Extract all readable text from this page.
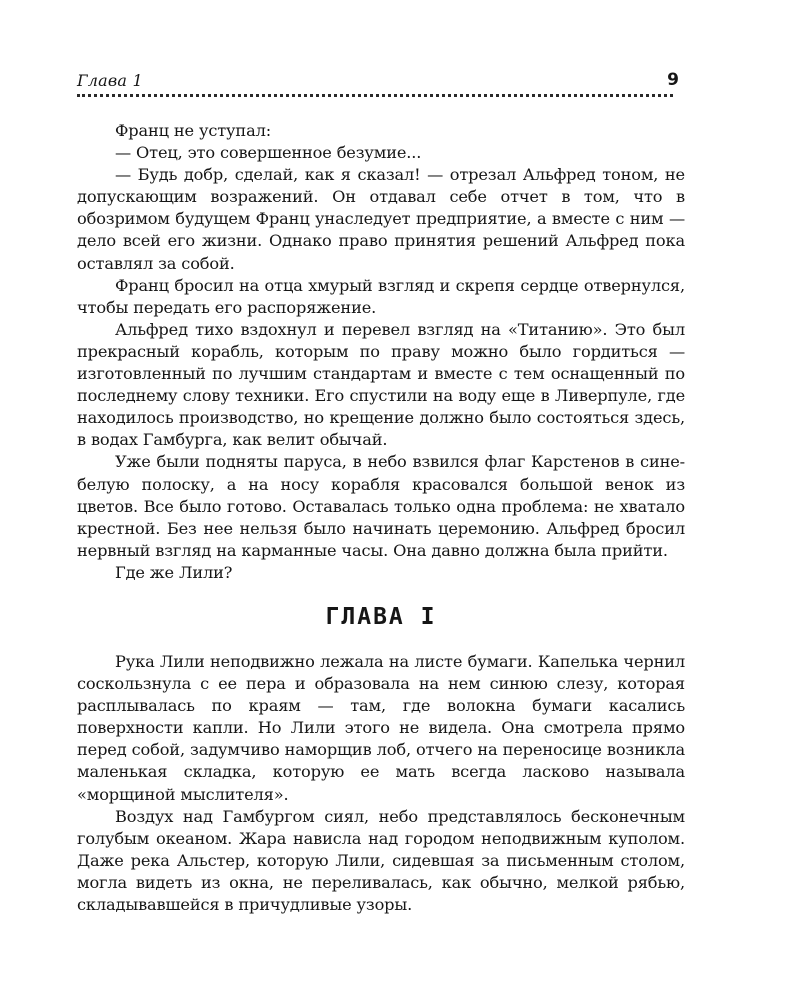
Глава 1	9

Франц не уступал:

— Отец, это совершенное безумие...

— Будь добр, сделай, как я сказал! — отрезал Альфред тоном, не допускающим возражений. Он отдавал себе отчет в том, что в обозримом будущем Франц унаследует предприятие, а вместе с ним — дело всей его жизни. Однако право принятия решений Альфред пока оставлял за собой.

Франц бросил на отца хмурый взгляд и скрепя сердце отвернулся, чтобы передать его распоряжение.

Альфред тихо вздохнул и перевел взгляд на «Титанию». Это был прекрасный корабль, которым по праву можно было гордиться — изготовленный по лучшим стандартам и вместе с тем оснащенный по последнему слову техники. Его спустили на воду еще в Ливерпуле, где находилось производство, но крещение должно было состояться здесь, в водах Гамбурга, как велит обычай.

Уже были подняты паруса, в небо взвился флаг Карстенов в сине-белую полоску, а на носу корабля красовался большой венок из цветов. Все было готово. Оставалась только одна проблема: не хватало крестной. Без нее нельзя было начинать церемонию. Альфред бросил нервный взгляд на карманные часы. Она давно должна была прийти.

Где же Лили?

ГЛАВА I

Рука Лили неподвижно лежала на листе бумаги. Капелька чернил соскользнула с ее пера и образовала на нем синюю слезу, которая расплывалась по краям — там, где волокна бумаги касались поверхности капли. Но Лили этого не видела. Она смотрела прямо перед собой, задумчиво наморщив лоб, отчего на переносице возникла маленькая складка, которую ее мать всегда ласково называла «морщиной мыслителя».

Воздух над Гамбургом сиял, небо представлялось бесконечным голубым океаном. Жара нависла над городом неподвижным куполом. Даже река Альстер, которую Лили, сидевшая за письменным столом, могла видеть из окна, не переливалась, как обычно, мелкой рябью, складывавшейся в причудливые узоры.
